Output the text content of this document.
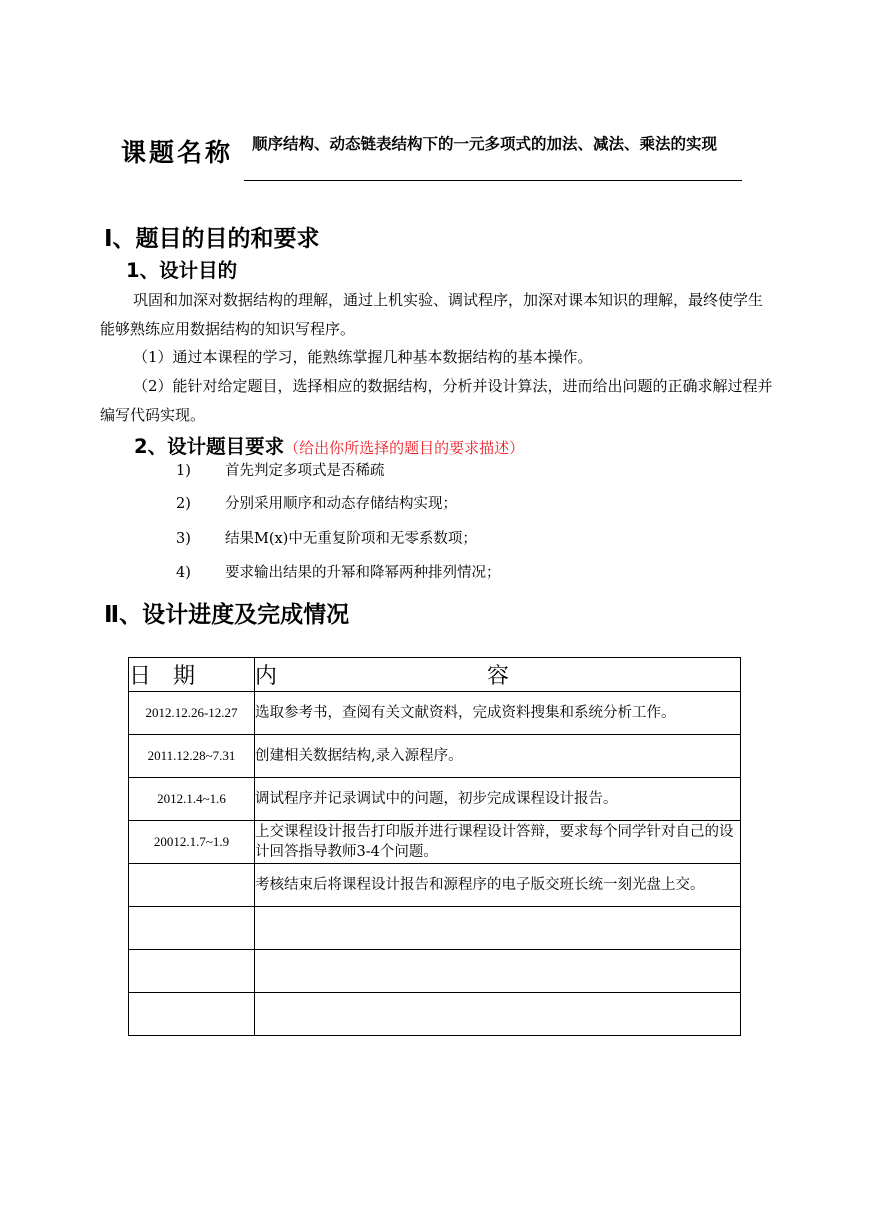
课题名称 顺序结构、动态链表结构下的一元多项式的加法、减法、乘法的实现
Ⅰ、题目的目的和要求
1、设计目的
巩固和加深对数据结构的理解，通过上机实验、调试程序，加深对课本知识的理解，最终使学生能够熟练应用数据结构的知识写程序。
（1）通过本课程的学习，能熟练掌握几种基本数据结构的基本操作。
（2）能针对给定题目，选择相应的数据结构，分析并设计算法，进而给出问题的正确求解过程并编写代码实现。
2、设计题目要求（给出你所选择的题目的要求描述）
1) 首先判定多项式是否稀疏
2) 分别采用顺序和动态存储结构实现；
3) 结果M(x)中无重复阶项和无零系数项；
4) 要求输出结果的升幂和降幂两种排列情况；
Ⅱ、设计进度及完成情况
日期	内 容
2012.12.26-12.27	选取参考书，查阅有关文献资料，完成资料搜集和系统分析工作。
2011.12.28~7.31	创建相关数据结构,录入源程序。
2012.1.4~1.6	调试程序并记录调试中的问题，初步完成课程设计报告。
20012.1.7~1.9	上交课程设计报告打印版并进行课程设计答辩，要求每个同学针对自己的设计回答指导教师3-4个问题。
	考核结束后将课程设计报告和源程序的电子版交班长统一刻光盘上交。
